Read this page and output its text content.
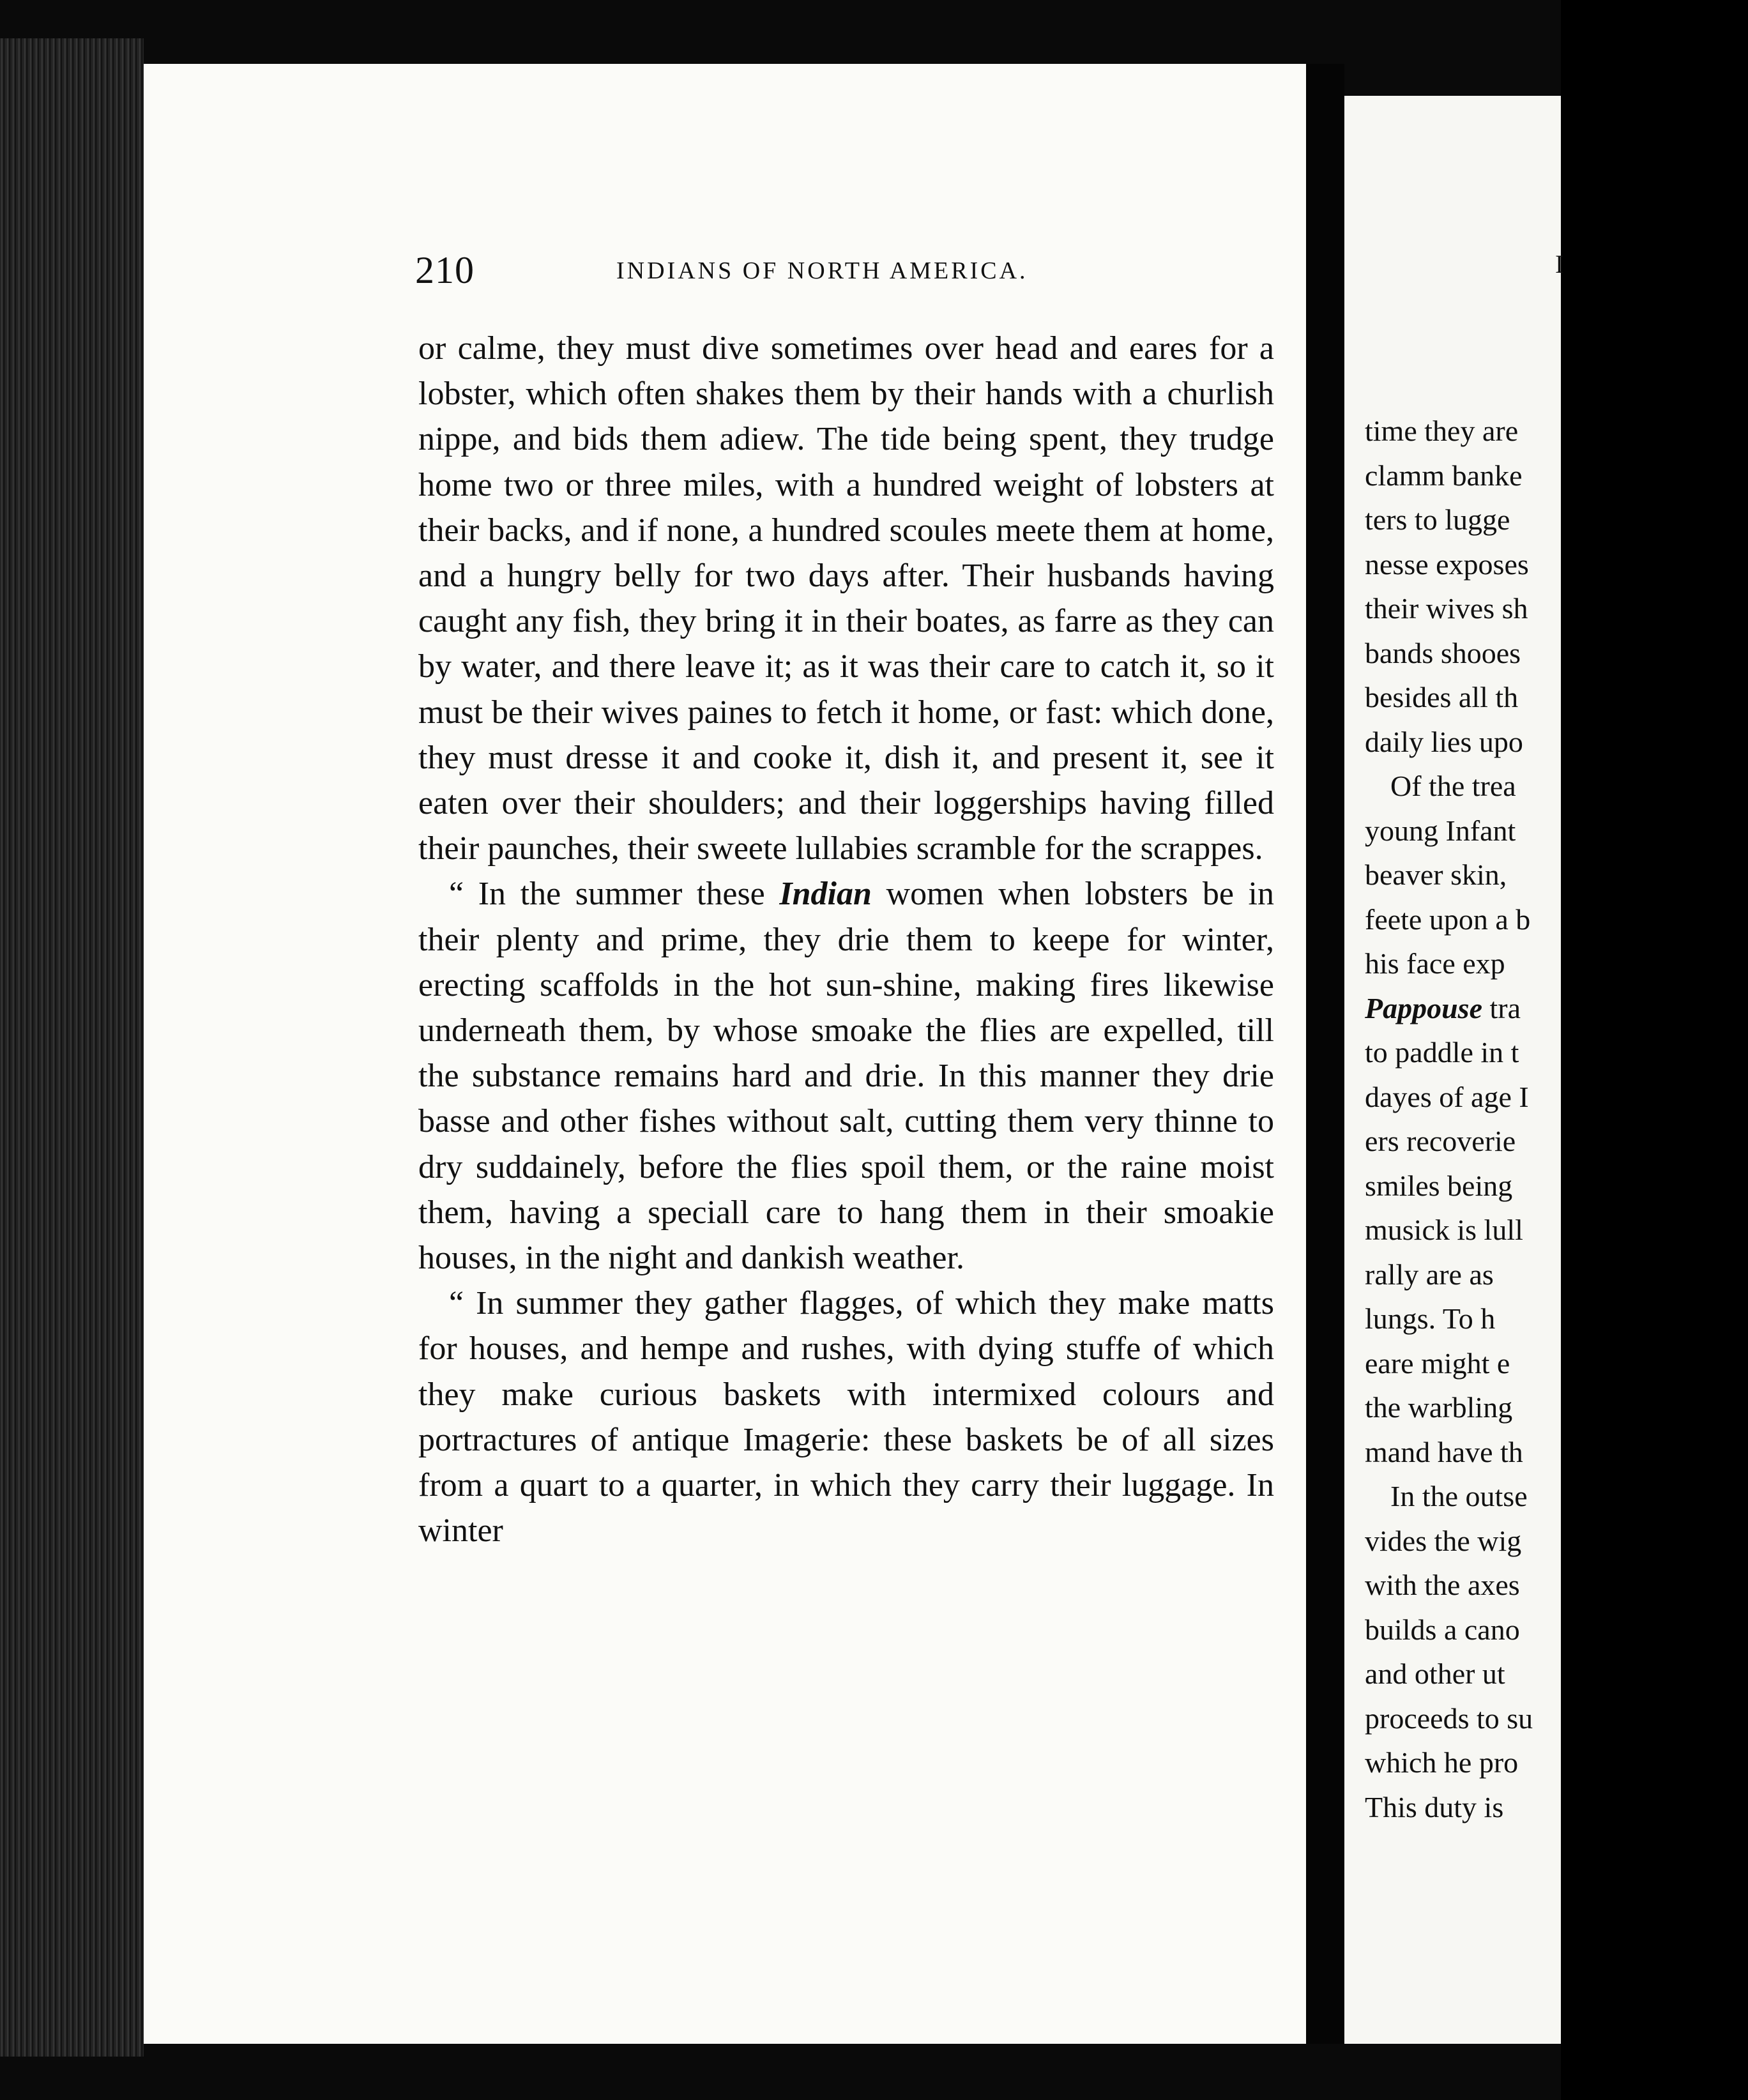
210	INDIANS OF NORTH AMERICA.

or calme, they must dive sometimes over head and eares for a lobster, which often shakes them by their hands with a churlish nippe, and bids them adiew. The tide being spent, they trudge home two or three miles, with a hundred weight of lobsters at their backs, and if none, a hundred scoules meete them at home, and a hungry belly for two days after. Their husbands having caught any fish, they bring it in their boates, as farre as they can by water, and there leave it; as it was their care to catch it, so it must be their wives paines to fetch it home, or fast: which done, they must dresse it and cooke it, dish it, and present it, see it eaten over their shoulders; and their loggerships having filled their paunches, their sweete lullabies scramble for the scrappes.

“ In the summer these Indian women when lobsters be in their plenty and prime, they drie them to keepe for winter, erecting scaffolds in the hot sun-shine, making fires likewise underneath them, by whose smoake the flies are expelled, till the substance remains hard and drie. In this manner they drie basse and other fishes without salt, cutting them very thinne to dry suddainely, before the flies spoil them, or the raine moist them, having a speciall care to hang them in their smoakie houses, in the night and dankish weather.

“ In summer they gather flagges, of which they make matts for houses, and hempe and rushes, with dying stuffe of which they make curious baskets with intermixed colours and portractures of antique Imagerie: these baskets be of all sizes from a quart to a quarter, in which they carry their luggage. In winter

I
time they are
clamm banke
ters to lugge
nesse exposes
their wives sh
bands shooes
besides all th
daily lies upo
Of the trea
young Infant
beaver skin,
feete upon a b
his face exp
Pappouse tra
to paddle in t
dayes of age I
ers recoverie
smiles being
musick is lull
rally are as
lungs. To h
eare might e
the warbling
mand have th
In the outse
vides the wig
with the axes
builds a cano
and other ut
proceeds to su
which he pro
This duty is
